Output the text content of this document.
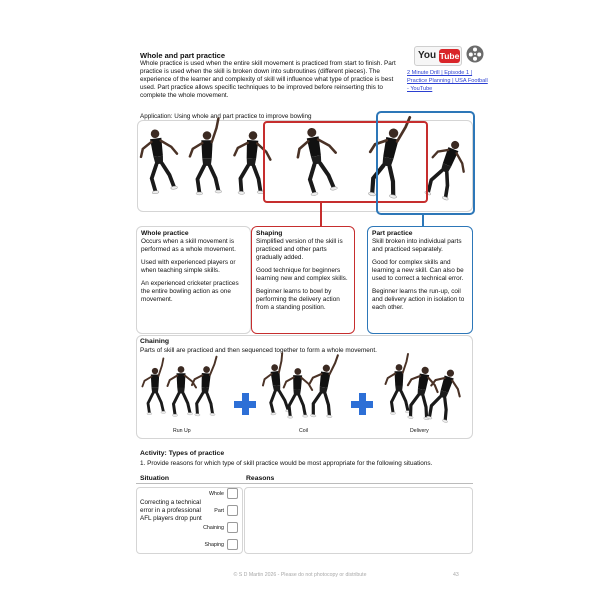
Whole and part practice
Whole practice is used when the entire skill movement is practiced from start to finish. Part practice is used when the skill is broken down into subroutines (different pieces). The experience of the learner and complexity of skill will influence what type of practice is best used. Part practice allows specific techniques to be improved before reinserting this to complete the whole movement.
You Tube
2 Minute Drill | Episode 1 | Practice Planning | USA Football - YouTube
Application: Using whole and part practice to improve bowling
Whole practice

Occurs when a skill movement is performed as a whole movement.

Used with experienced players or when teaching simple skills.

An experienced cricketer practices the entire bowling action as one movement.

Shaping

Simplified version of the skill is practiced and other parts gradually added.

Good technique for beginners learning new and complex skills.

Beginner learns to bowl by performing the delivery action from a standing position.

Part practice

Skill broken into individual parts and practiced separately.

Good for complex skills and learning a new skill. Can also be used to correct a technical error.

Beginner learns the run-up, coil and delivery action in isolation to each other.

Chaining
Parts of skill are practiced and then sequenced together to form a whole movement.
Run Up	Coil	Delivery
Activity: Types of practice
1. Provide reasons for which type of skill practice would be most appropriate for the following situations.
Situation	Reasons
Correcting a technical error in a professional AFL players drop punt
Whole
Part
Chaining
Shaping
© S D Martin 2026 - Please do not photocopy or distribute	43
